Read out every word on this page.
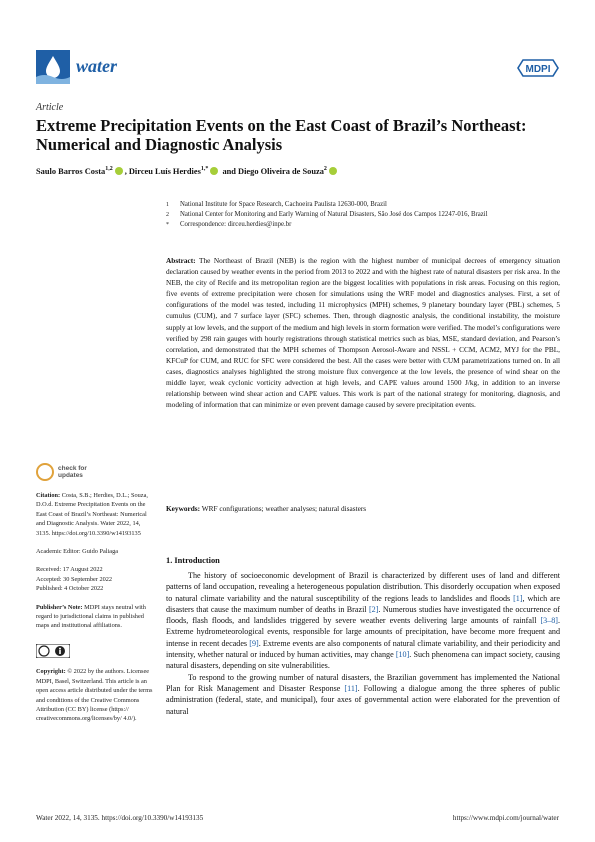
water	MDPI
Article
Extreme Precipitation Events on the East Coast of Brazil’s Northeast: Numerical and Diagnostic Analysis
Saulo Barros Costa$^{1,2}$ , Dirceu Luís Herdies$^{1,*}$ and Diego Oliveira de Souza$^2$
1 National Institute for Space Research, Cachoeira Paulista 12630-000, Brazil
2 National Center for Monitoring and Early Warning of Natural Disasters, São José dos Campos 12247-016, Brazil
* Correspondence: dirceu.herdies@inpe.br
Abstract: The Northeast of Brazil (NEB) is the region with the highest number of municipal decrees of emergency situation declaration caused by weather events in the period from 2013 to 2022 and with the highest rate of natural disasters per risk area. In the NEB, the city of Recife and its metropolitan region are the biggest localities with populations in risk areas. Focusing on this region, five events of extreme precipitation were chosen for simulations using the WRF model and diagnostics analyses. First, a set of configurations of the model was tested, including 11 microphysics (MPH) schemes, 9 planetary boundary layer (PBL) schemes, 5 cumulus (CUM), and 7 surface layer (SFC) schemes. Then, through diagnostic analysis, the conditional instability, the moisture supply at low levels, and the support of the medium and high levels in storm formation were verified. The model’s configurations were verified by 298 rain gauges with hourly registrations through statistical metrics such as bias, MSE, standard deviation, and Pearson’s correlation, and demonstrated that the MPH schemes of Thompson Aerosol-Aware and NSSL + CCM, ACM2, MYJ for the PBL, KFCuP for CUM, and RUC for SFC were considered the best. All the cases were better with CUM parametrizations turned on. In all cases, diagnostics analyses highlighted the strong moisture flux convergence at the low levels, the presence of wind shear on the middle layer, weak cyclonic vorticity advection at high levels, and CAPE values around 1500 J/kg, in addition to an inverse relationship between wind shear action and CAPE values. This work is part of the national strategy for monitoring, diagnosis, and modeling of information that can minimize or even prevent damage caused by severe precipitation events.
Keywords: WRF configurations; weather analyses; natural disasters
check for
updates
Citation: Costa, S.B.; Herdies, D.L.; Souza, D.O.d. Extreme Precipitation Events on the East Coast of Brazil’s Northeast: Numerical and Diagnostic Analysis. Water 2022, 14, 3135. https://doi.org/10.3390/w14193135
Academic Editor: Guido Paliaga
Received: 17 August 2022
Accepted: 30 September 2022
Published: 4 October 2022
Publisher’s Note: MDPI stays neutral with regard to jurisdictional claims in published maps and institutional affiliations.
Copyright: © 2022 by the authors. Licensee MDPI, Basel, Switzerland. This article is an open access article distributed under the terms and conditions of the Creative Commons Attribution (CC BY) license (https:// creativecommons.org/licenses/by/ 4.0/).
1. Introduction

The history of socioeconomic development of Brazil is characterized by different uses of land and different patterns of land occupation, revealing a heterogeneous population distribution. This disorderly occupation when exposed to natural climate variability and the natural susceptibility of the regions leads to landslides and floods [1], which are disasters that cause the maximum number of deaths in Brazil [2]. Numerous studies have investigated the occurrence of floods, flash floods, and landslides triggered by severe weather events delivering large amounts of rainfall [3–8]. Extreme hydrometeorological events, responsible for large amounts of precipitation, have become more frequent and intense in recent decades [9]. Extreme events are also components of natural climate variability, and their periodicity and intensity, whether natural or induced by human activities, may change [10]. Such phenomena can impact society, causing natural disasters, depending on site vulnerabilities.

To respond to the growing number of natural disasters, the Brazilian government has implemented the National Plan for Risk Management and Disaster Response [11]. Following a dialogue among the three spheres of public administration (federal, state, and municipal), four axes of governmental action were elaborated for the prevention of natural

Water 2022, 14, 3135. https://doi.org/10.3390/w14193135	https://www.mdpi.com/journal/water
